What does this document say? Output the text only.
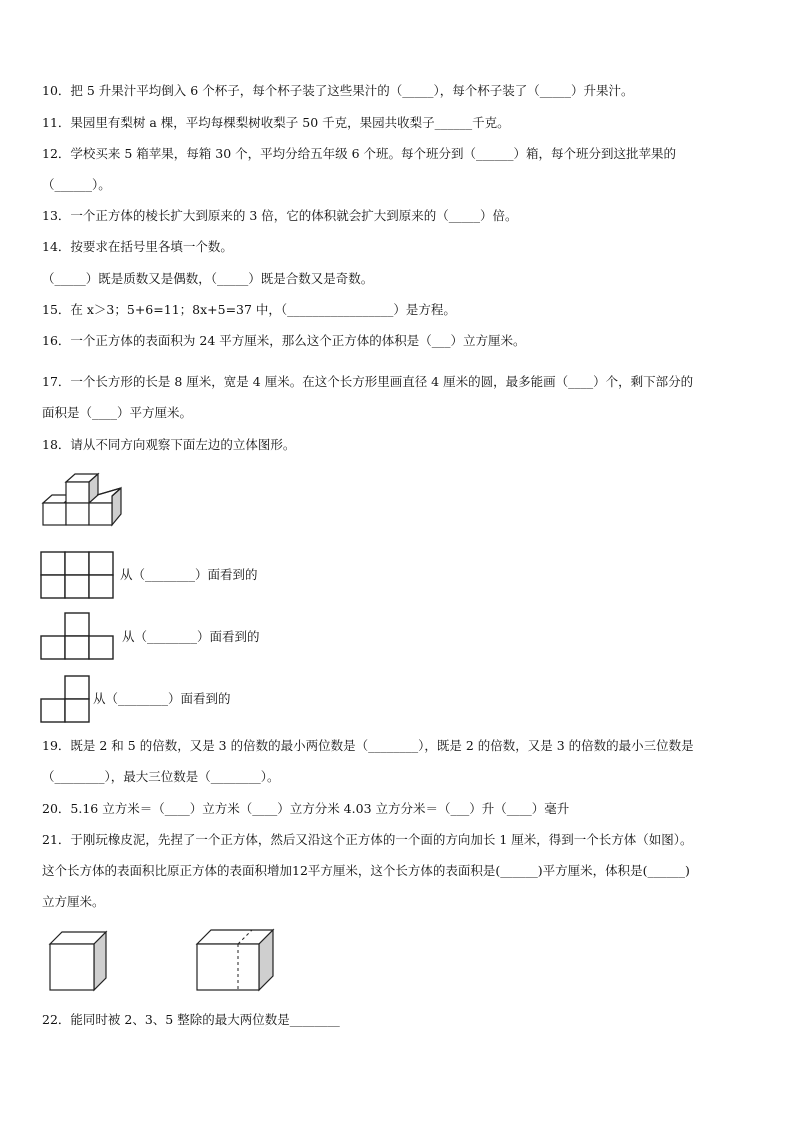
10．把 5 升果汁平均倒入 6 个杯子，每个杯子装了这些果汁的（_____），每个杯子装了（_____）升果汁。
11．果园里有梨树 a 棵，平均每棵梨树收梨子 50 千克，果园共收梨子______千克。
12．学校买来 5 箱苹果，每箱 30 个，平均分给五年级 6 个班。每个班分到（______）箱，每个班分到这批苹果的
（______）。
13．一个正方体的棱长扩大到原来的 3 倍，它的体积就会扩大到原来的（_____）倍。
14．按要求在括号里各填一个数。
（_____）既是质数又是偶数，（_____）既是合数又是奇数。
15．在 x＞3；5+6=11；8x+5=37 中，（_________________）是方程。
16．一个正方体的表面积为 24 平方厘米，那么这个正方体的体积是（___）立方厘米。
17．一个长方形的长是 8 厘米，宽是 4 厘米。在这个长方形里画直径 4 厘米的圆，最多能画（____）个，剩下部分的
面积是（____）平方厘米。
18．请从不同方向观察下面左边的立体图形。
从（________）面看到的
从（________）面看到的
从（________）面看到的
19．既是 2 和 5 的倍数，又是 3 的倍数的最小两位数是（________），既是 2 的倍数，又是 3 的倍数的最小三位数是
（________），最大三位数是（________）。
20．5.16 立方米＝（____）立方米（____）立方分米 4.03 立方分米＝（___）升（____）毫升
21．于刚玩橡皮泥，先捏了一个正方体，然后又沿这个正方体的一个面的方向加长 1 厘米，得到一个长方体（如图）。
这个长方体的表面积比原正方体的表面积增加12平方厘米，这个长方体的表面积是(______)平方厘米，体积是(______)
立方厘米。
22．能同时被 2、3、5 整除的最大两位数是________
